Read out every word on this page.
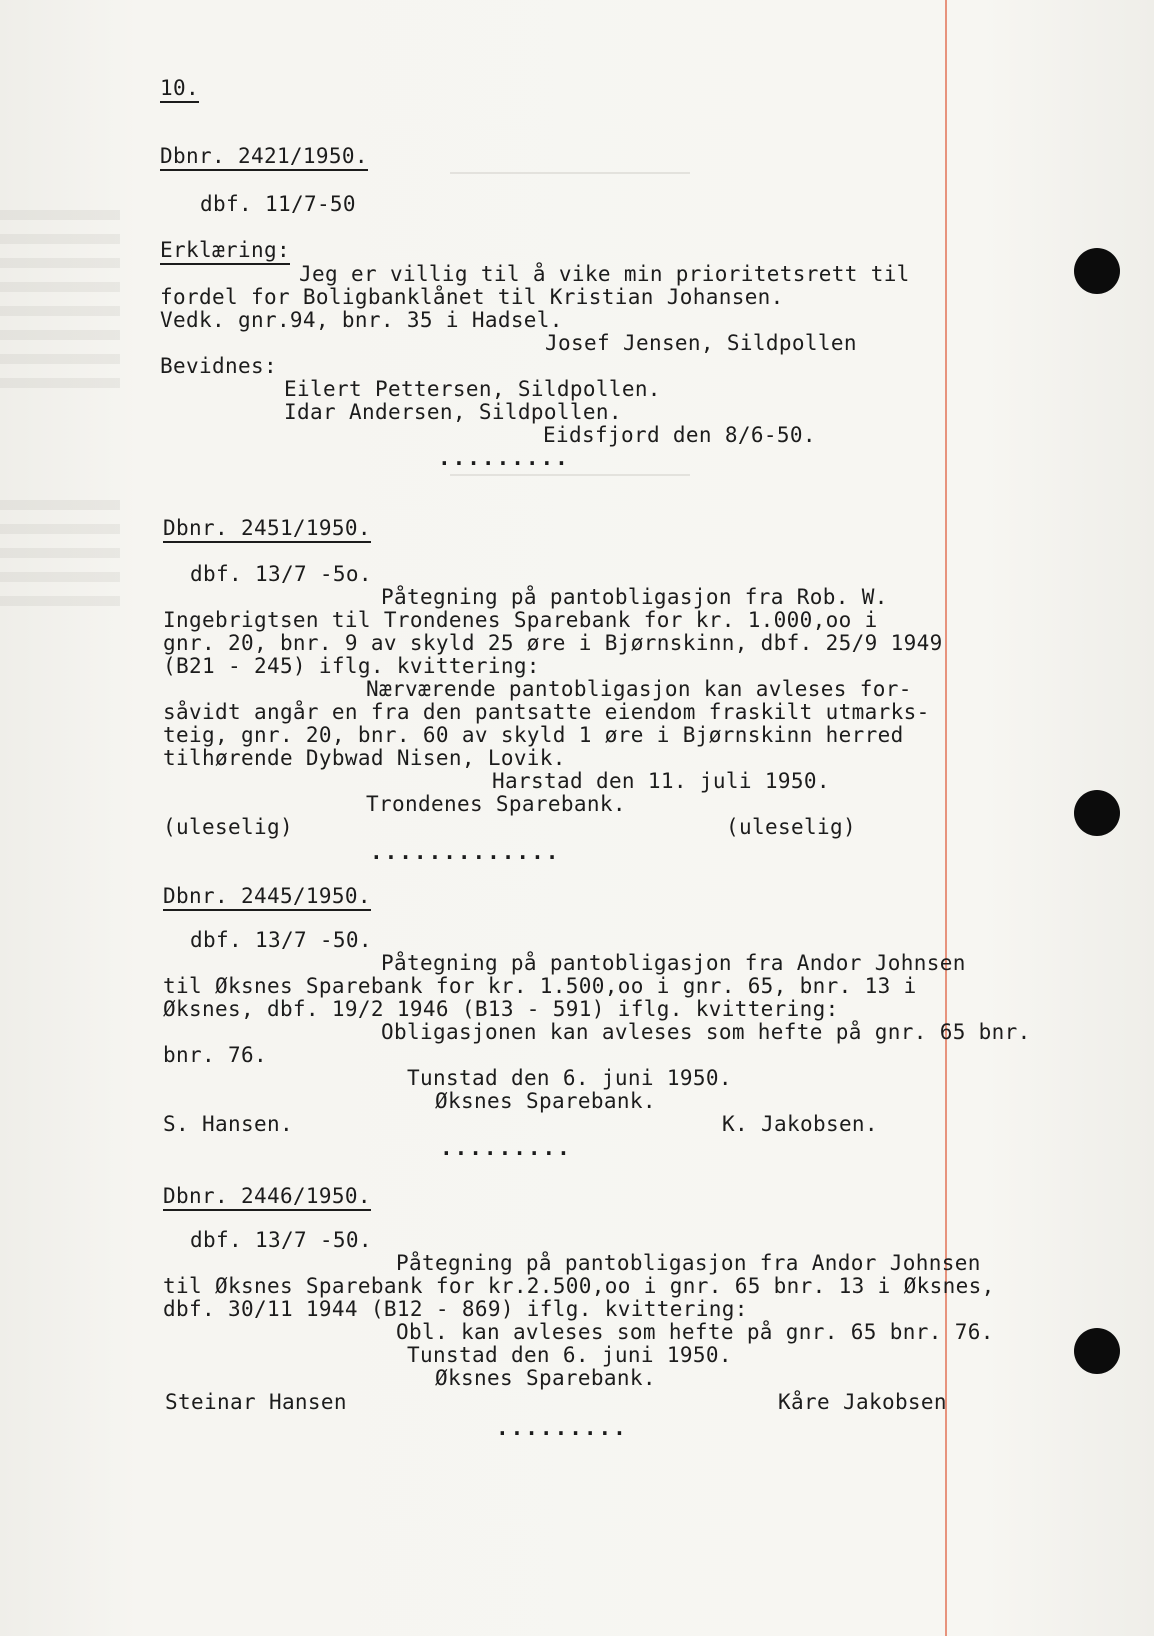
10.
Dbnr. 2421/1950.
dbf. 11/7-50
Erklæring:
Jeg er villig til å vike min prioritetsrett til
fordel for Boligbanklånet til Kristian Johansen.
Vedk. gnr.94, bnr. 35 i Hadsel.
Josef Jensen, Sildpollen
Bevidnes:
Eilert Pettersen, Sildpollen.
Idar Andersen, Sildpollen.
Eidsfjord den 8/6-50.
.........
Dbnr. 2451/1950.
dbf. 13/7 -5o.
Påtegning på pantobligasjon fra Rob. W.
Ingebrigtsen til Trondenes Sparebank for kr. 1.000,oo i
gnr. 20, bnr. 9 av skyld 25 øre i Bjørnskinn, dbf. 25/9 1949
(B21 - 245) iflg. kvittering:
Nærværende pantobligasjon kan avleses for-
såvidt angår en fra den pantsatte eiendom fraskilt utmarks-
teig, gnr. 20, bnr. 60 av skyld 1 øre i Bjørnskinn herred
tilhørende Dybwad Nisen, Lovik.
Harstad den 11. juli 1950.
Trondenes Sparebank.
(uleselig)	(uleselig)
.............
Dbnr. 2445/1950.
dbf. 13/7 -50.
Påtegning på pantobligasjon fra Andor Johnsen
til Øksnes Sparebank for kr. 1.500,oo i gnr. 65, bnr. 13 i
Øksnes, dbf. 19/2 1946 (B13 - 591) iflg. kvittering:
Obligasjonen kan avleses som hefte på gnr. 65 bnr.
bnr. 76.
Tunstad den 6. juni 1950.
Øksnes Sparebank.
S. Hansen.	K. Jakobsen.
.........
Dbnr. 2446/1950.
dbf. 13/7 -50.
Påtegning på pantobligasjon fra Andor Johnsen
til Øksnes Sparebank for kr.2.500,oo i gnr. 65 bnr. 13 i Øksnes,
dbf. 30/11 1944 (B12 - 869) iflg. kvittering:
Obl. kan avleses som hefte på gnr. 65 bnr. 76.
Tunstad den 6. juni 1950.
Øksnes Sparebank.
Steinar Hansen	Kåre Jakobsen
.........
